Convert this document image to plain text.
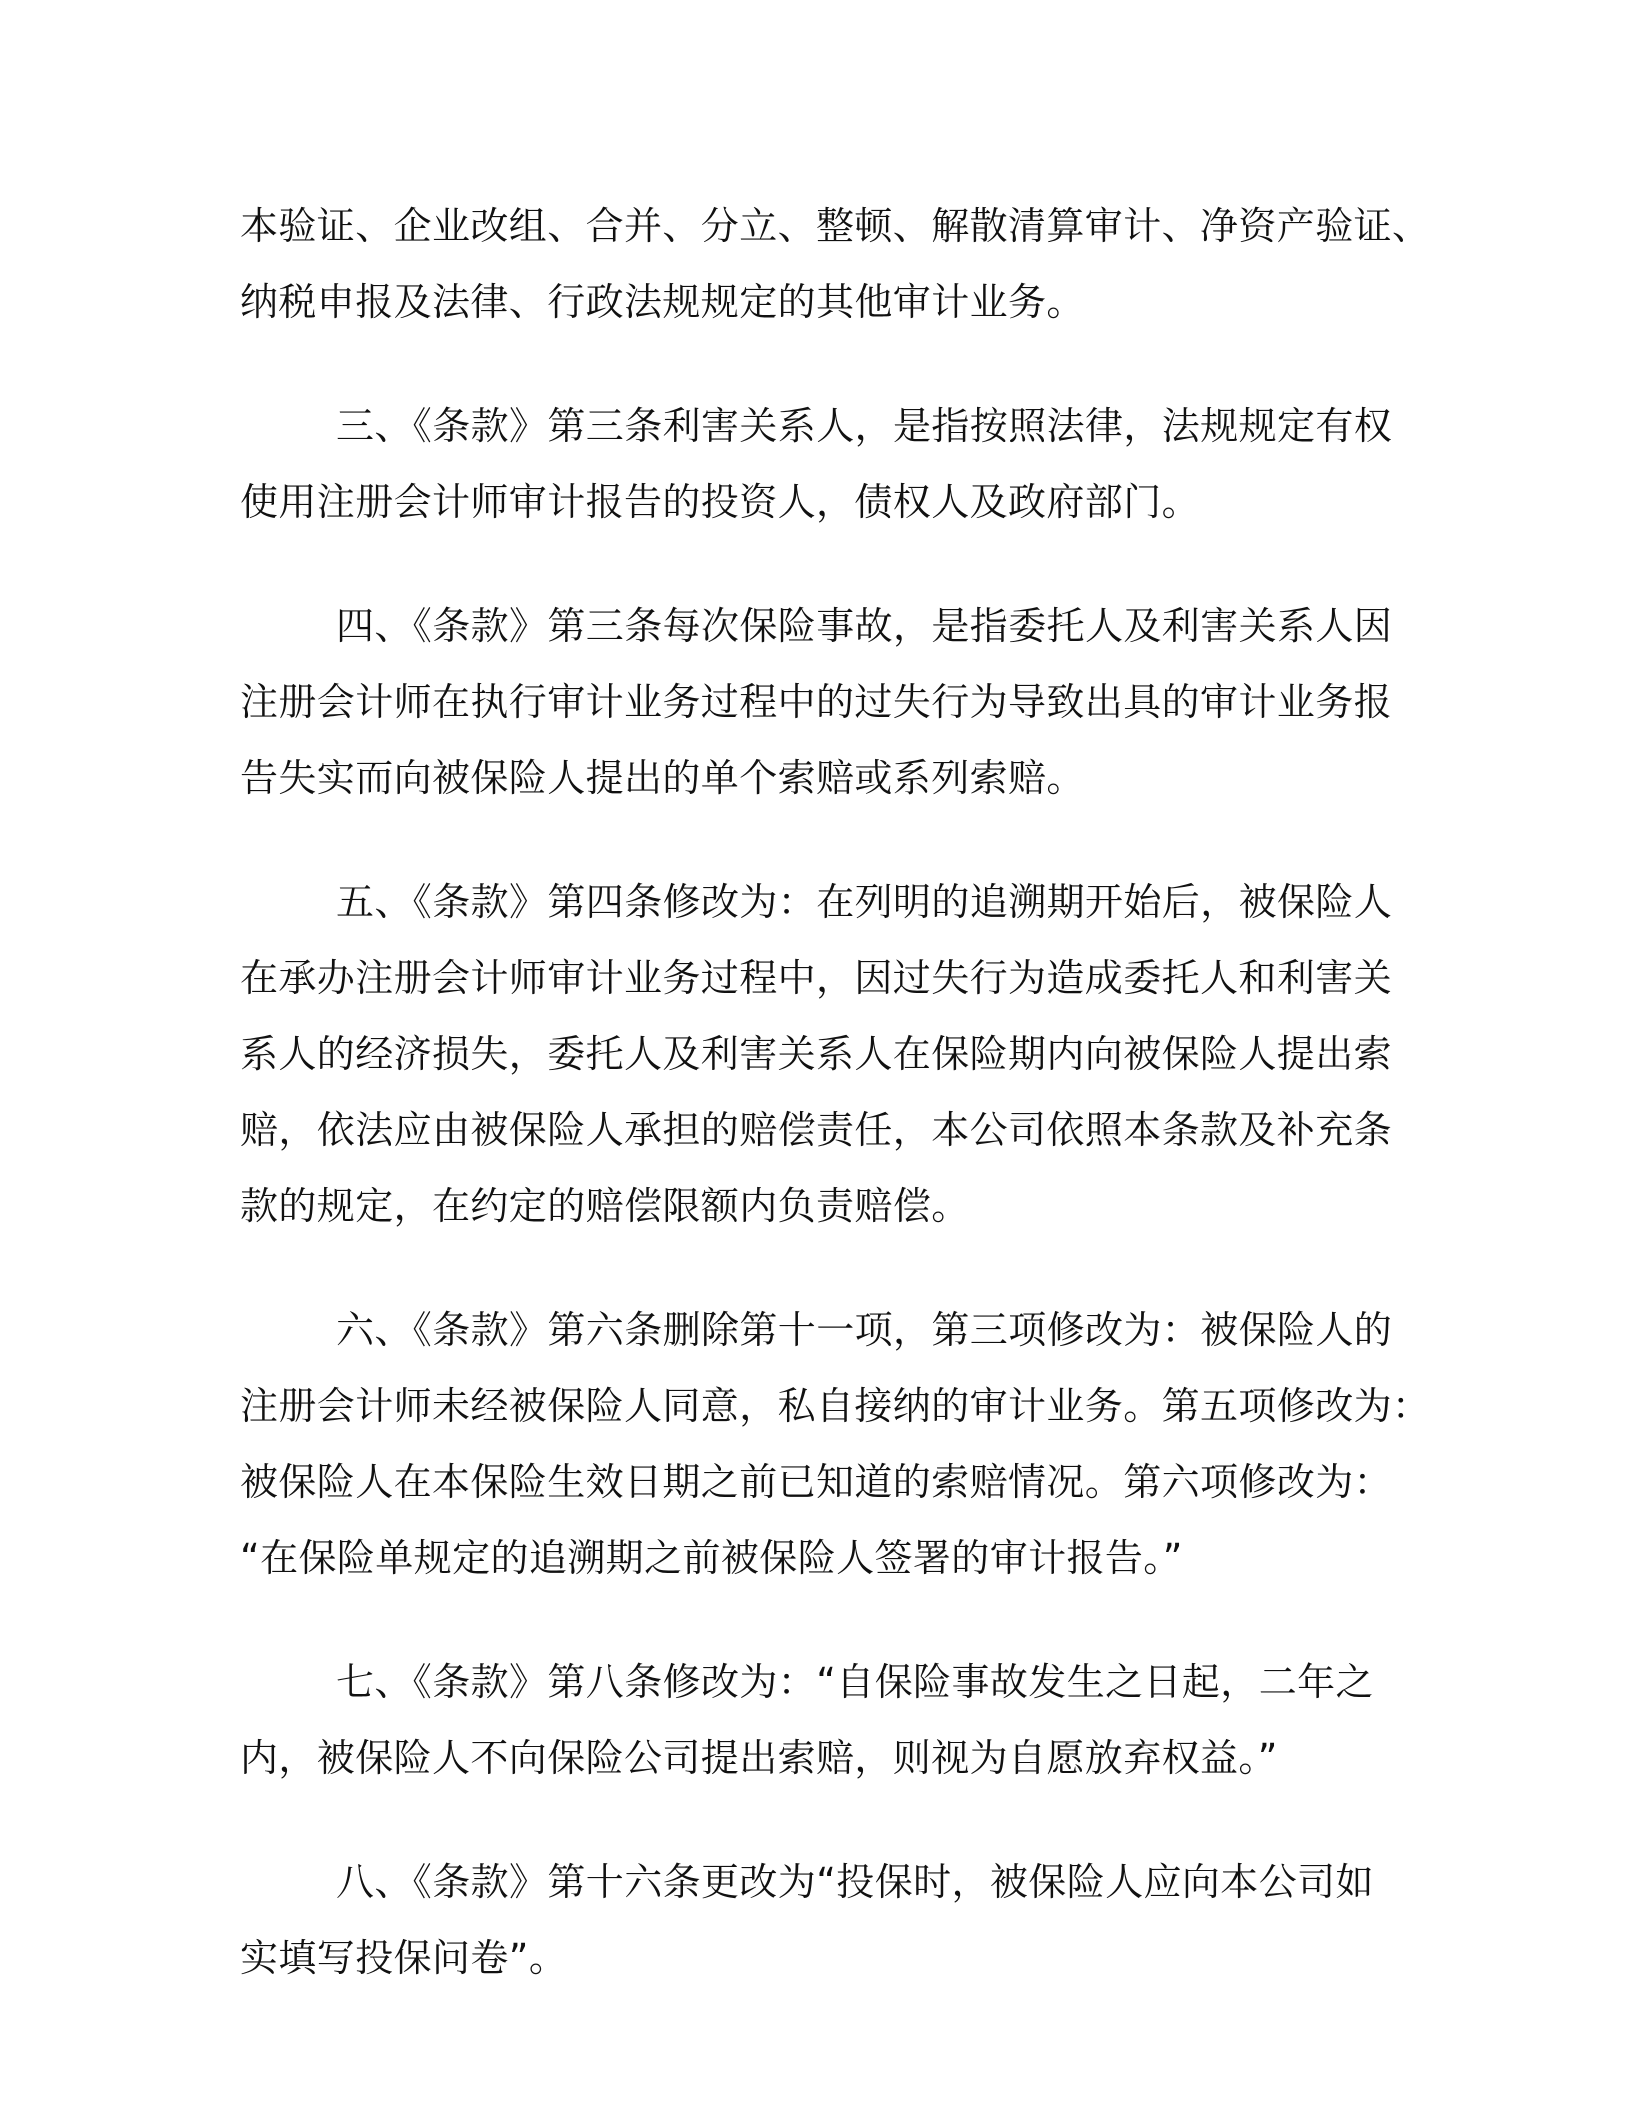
本验证、企业改组、合并、分立、整顿、解散清算审计、净资产验证、
纳税申报及法律、行政法规规定的其他审计业务。

三、《条款》第三条利害关系人，是指按照法律，法规规定有权
使用注册会计师审计报告的投资人，债权人及政府部门。

四、《条款》第三条每次保险事故，是指委托人及利害关系人因
注册会计师在执行审计业务过程中的过失行为导致出具的审计业务报
告失实而向被保险人提出的单个索赔或系列索赔。

五、《条款》第四条修改为：在列明的追溯期开始后，被保险人
在承办注册会计师审计业务过程中，因过失行为造成委托人和利害关
系人的经济损失，委托人及利害关系人在保险期内向被保险人提出索
赔，依法应由被保险人承担的赔偿责任，本公司依照本条款及补充条
款的规定，在约定的赔偿限额内负责赔偿。

六、《条款》第六条删除第十一项，第三项修改为：被保险人的
注册会计师未经被保险人同意，私自接纳的审计业务。第五项修改为：
被保险人在本保险生效日期之前已知道的索赔情况。第六项修改为：
“在保险单规定的追溯期之前被保险人签署的审计报告。”

七、《条款》第八条修改为：“自保险事故发生之日起，二年之
内，被保险人不向保险公司提出索赔，则视为自愿放弃权益。”

八、《条款》第十六条更改为“投保时，被保险人应向本公司如
实填写投保问卷”。
